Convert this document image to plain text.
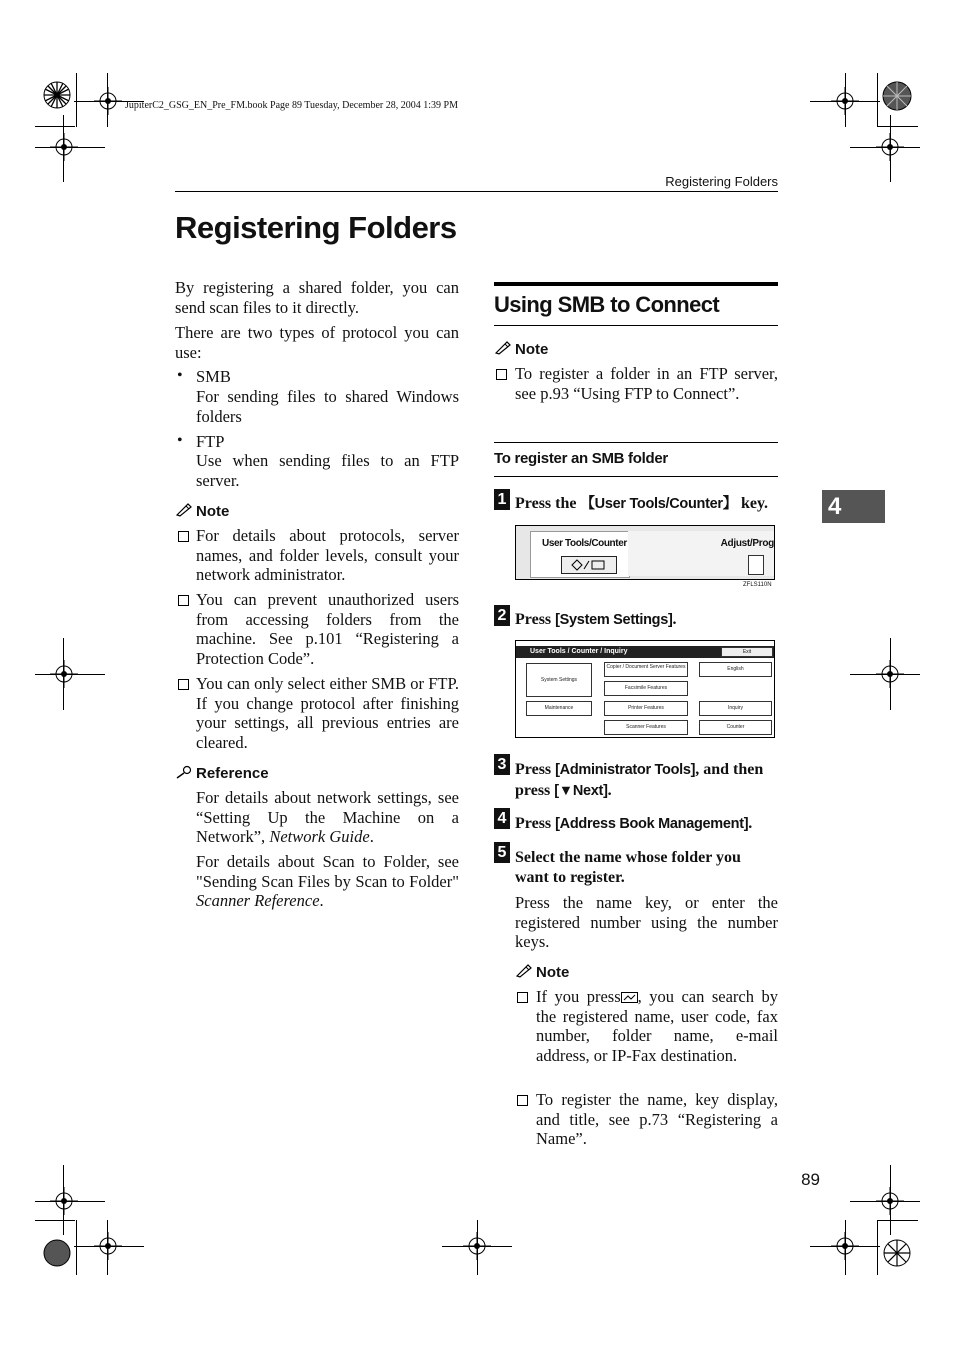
JupiterC2_GSG_EN_Pre_FM.book Page 89 Tuesday, December 28, 2004 1:39 PM
Registering Folders
Registering Folders
4
By registering a shared folder, you can send scan files to it directly.
There are two types of protocol you can use:
• SMB
For sending files to shared Windows folders
• FTP
Use when sending files to an FTP server.
Note
For details about protocols, server names, and folder levels, consult your network administrator.
You can prevent unauthorized users from accessing folders from the machine. See p.101 “Registering a Protection Code”.
You can only select either SMB or FTP. If you change protocol after finishing your settings, all previous entries are cleared.
Reference
For details about network settings, see “Setting Up the Machine on a Network”, Network Guide.
For details about Scan to Folder, see "Sending Scan Files by Scan to Folder" Scanner Reference.
Using SMB to Connect
Note
To register a folder in an FTP server, see p.93 “Using FTP to Connect”.
To register an SMB folder
1 Press the 【User Tools/Counter】 key.
User Tools/Counter	Adjust/Prog
ZFLS110N
2 Press [System Settings].
User Tools / Counter / Inquiry	Exit
System Settings
Copier / Document Server Features	English
Facsimile Features
Maintenance	Printer Features	Inquiry
Scanner Features	Counter
3 Press [Administrator Tools], and then press [▼Next].
4 Press [Address Book Management].
5 Select the name whose folder you want to register.
Press the name key, or enter the registered number using the number keys.
Note
If you press , you can search by the registered name, user code, fax number, folder name, e-mail address, or IP-Fax destination.
To register the name, key display, and title, see p.73 “Registering a Name”.
89
